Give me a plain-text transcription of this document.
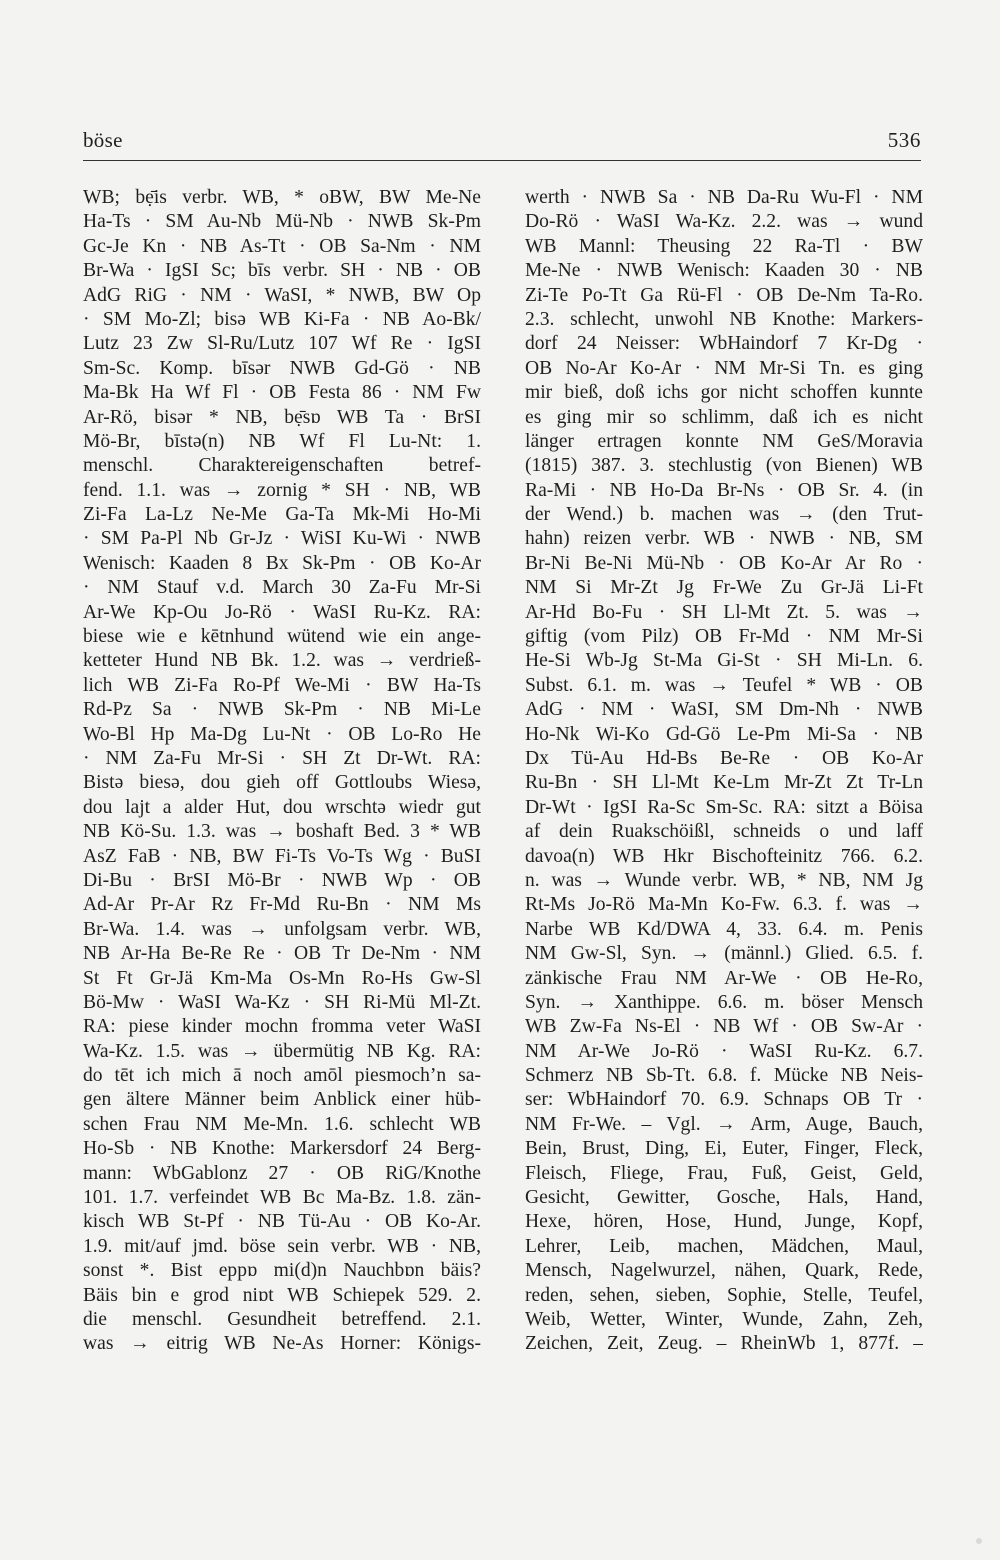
böse	536
WB; bẹ̄is verbr. WB, * oBW, BW Me-Ne
Ha-Ts · SM Au-Nb Mü-Nb · NWB Sk-Pm
Gc-Je Kn · NB As-Tt · OB Sa-Nm · NM
Br-Wa · IgSI Sc; bīs verbr. SH · NB · OB
AdG RiG · NM · WaSI, * NWB, BW Op
· SM Mo-Zl; bisə WB Ki-Fa · NB Ao-Bk/
Lutz 23 Zw Sl-Ru/Lutz 107 Wf Re · IgSI
Sm-Sc. Komp. bīsər NWB Gd-Gö · NB
Ma-Bk Ha Wf Fl · OB Festa 86 · NM Fw
Ar-Rö, bisər * NB, bẹ̄sɒ WB Ta · BrSI
Mö-Br, bīstə(n) NB Wf Fl Lu-Nt: 1.
menschl. Charaktereigenschaften betref-
fend. 1.1. was → zornig * SH · NB, WB
Zi-Fa La-Lz Ne-Me Ga-Ta Mk-Mi Ho-Mi
· SM Pa-Pl Nb Gr-Jz · WiSI Ku-Wi · NWB
Wenisch: Kaaden 8 Bx Sk-Pm · OB Ko-Ar
· NM Stauf v.d. March 30 Za-Fu Mr-Si
Ar-We Kp-Ou Jo-Rö · WaSI Ru-Kz. RA:
biese wie e kētnhund wütend wie ein ange-
ketteter Hund NB Bk. 1.2. was → verdrieß-
lich WB Zi-Fa Ro-Pf We-Mi · BW Ha-Ts
Rd-Pz Sa · NWB Sk-Pm · NB Mi-Le
Wo-Bl Hp Ma-Dg Lu-Nt · OB Lo-Ro He
· NM Za-Fu Mr-Si · SH Zt Dr-Wt. RA:
Bistə biesə, dou gieh off Gottloubs Wiesə,
dou lajt a alder Hut, dou wrschtə wiedr gut
NB Kö-Su. 1.3. was → boshaft Bed. 3 * WB
AsZ FaB · NB, BW Fi-Ts Vo-Ts Wg · BuSI
Di-Bu · BrSI Mö-Br · NWB Wp · OB
Ad-Ar Pr-Ar Rz Fr-Md Ru-Bn · NM Ms
Br-Wa. 1.4. was → unfolgsam verbr. WB,
NB Ar-Ha Be-Re Re · OB Tr De-Nm · NM
St Ft Gr-Jä Km-Ma Os-Mn Ro-Hs Gw-Sl
Bö-Mw · WaSI Wa-Kz · SH Ri-Mü Ml-Zt.
RA: piese kinder mochn fromma veter WaSI
Wa-Kz. 1.5. was → übermütig NB Kg. RA:
do tēt ich mich ā noch amōl piesmoch’n sa-
gen ältere Männer beim Anblick einer hüb-
schen Frau NM Me-Mn. 1.6. schlecht WB
Ho-Sb · NB Knothe: Markersdorf 24 Berg-
mann: WbGablonz 27 · OB RiG/Knothe
101. 1.7. verfeindet WB Bc Ma-Bz. 1.8. zän-
kisch WB St-Pf · NB Tü-Au · OB Ko-Ar.
1.9. mit/auf jmd. böse sein verbr. WB · NB,
sonst *. Bist eppɒ mi(d)n Nauchbɒn bäis?
Bäis bin e grod niɒt WB Schiepek 529. 2.
die menschl. Gesundheit betreffend. 2.1.
was → eitrig WB Ne-As Horner: Königs-
werth · NWB Sa · NB Da-Ru Wu-Fl · NM
Do-Rö · WaSI Wa-Kz. 2.2. was → wund
WB Mannl: Theusing 22 Ra-Tl · BW
Me-Ne · NWB Wenisch: Kaaden 30 · NB
Zi-Te Po-Tt Ga Rü-Fl · OB De-Nm Ta-Ro.
2.3. schlecht, unwohl NB Knothe: Markers-
dorf 24 Neisser: WbHaindorf 7 Kr-Dg ·
OB No-Ar Ko-Ar · NM Mr-Si Tn. es ging
mir bieß, doß ichs gor nicht schoffen kunnte
es ging mir so schlimm, daß ich es nicht
länger ertragen konnte NM GeS/Moravia
(1815) 387. 3. stechlustig (von Bienen) WB
Ra-Mi · NB Ho-Da Br-Ns · OB Sr. 4. (in
der Wend.) b. machen was → (den Trut-
hahn) reizen verbr. WB · NWB · NB, SM
Br-Ni Be-Ni Mü-Nb · OB Ko-Ar Ar Ro ·
NM Si Mr-Zt Jg Fr-We Zu Gr-Jä Li-Ft
Ar-Hd Bo-Fu · SH Ll-Mt Zt. 5. was →
giftig (vom Pilz) OB Fr-Md · NM Mr-Si
He-Si Wb-Jg St-Ma Gi-St · SH Mi-Ln. 6.
Subst. 6.1. m. was → Teufel * WB · OB
AdG · NM · WaSI, SM Dm-Nh · NWB
Ho-Nk Wi-Ko Gd-Gö Le-Pm Mi-Sa · NB
Dx Tü-Au Hd-Bs Be-Re · OB Ko-Ar
Ru-Bn · SH Ll-Mt Ke-Lm Mr-Zt Zt Tr-Ln
Dr-Wt · IgSI Ra-Sc Sm-Sc. RA: sitzt a Böisa
af dein Ruakschöißl, schneids o und laff
davoa(n) WB Hkr Bischofteinitz 766. 6.2.
n. was → Wunde verbr. WB, * NB, NM Jg
Rt-Ms Jo-Rö Ma-Mn Ko-Fw. 6.3. f. was →
Narbe WB Kd/DWA 4, 33. 6.4. m. Penis
NM Gw-Sl, Syn. → (männl.) Glied. 6.5. f.
zänkische Frau NM Ar-We · OB He-Ro,
Syn. → Xanthippe. 6.6. m. böser Mensch
WB Zw-Fa Ns-El · NB Wf · OB Sw-Ar ·
NM Ar-We Jo-Rö · WaSI Ru-Kz. 6.7.
Schmerz NB Sb-Tt. 6.8. f. Mücke NB Neis-
ser: WbHaindorf 70. 6.9. Schnaps OB Tr ·
NM Fr-We. – Vgl. → Arm, Auge, Bauch,
Bein, Brust, Ding, Ei, Euter, Finger, Fleck,
Fleisch, Fliege, Frau, Fuß, Geist, Geld,
Gesicht, Gewitter, Gosche, Hals, Hand,
Hexe, hören, Hose, Hund, Junge, Kopf,
Lehrer, Leib, machen, Mädchen, Maul,
Mensch, Nagelwurzel, nähen, Quark, Rede,
reden, sehen, sieben, Sophie, Stelle, Teufel,
Weib, Wetter, Winter, Wunde, Zahn, Zeh,
Zeichen, Zeit, Zeug. – RheinWb 1, 877f. –
